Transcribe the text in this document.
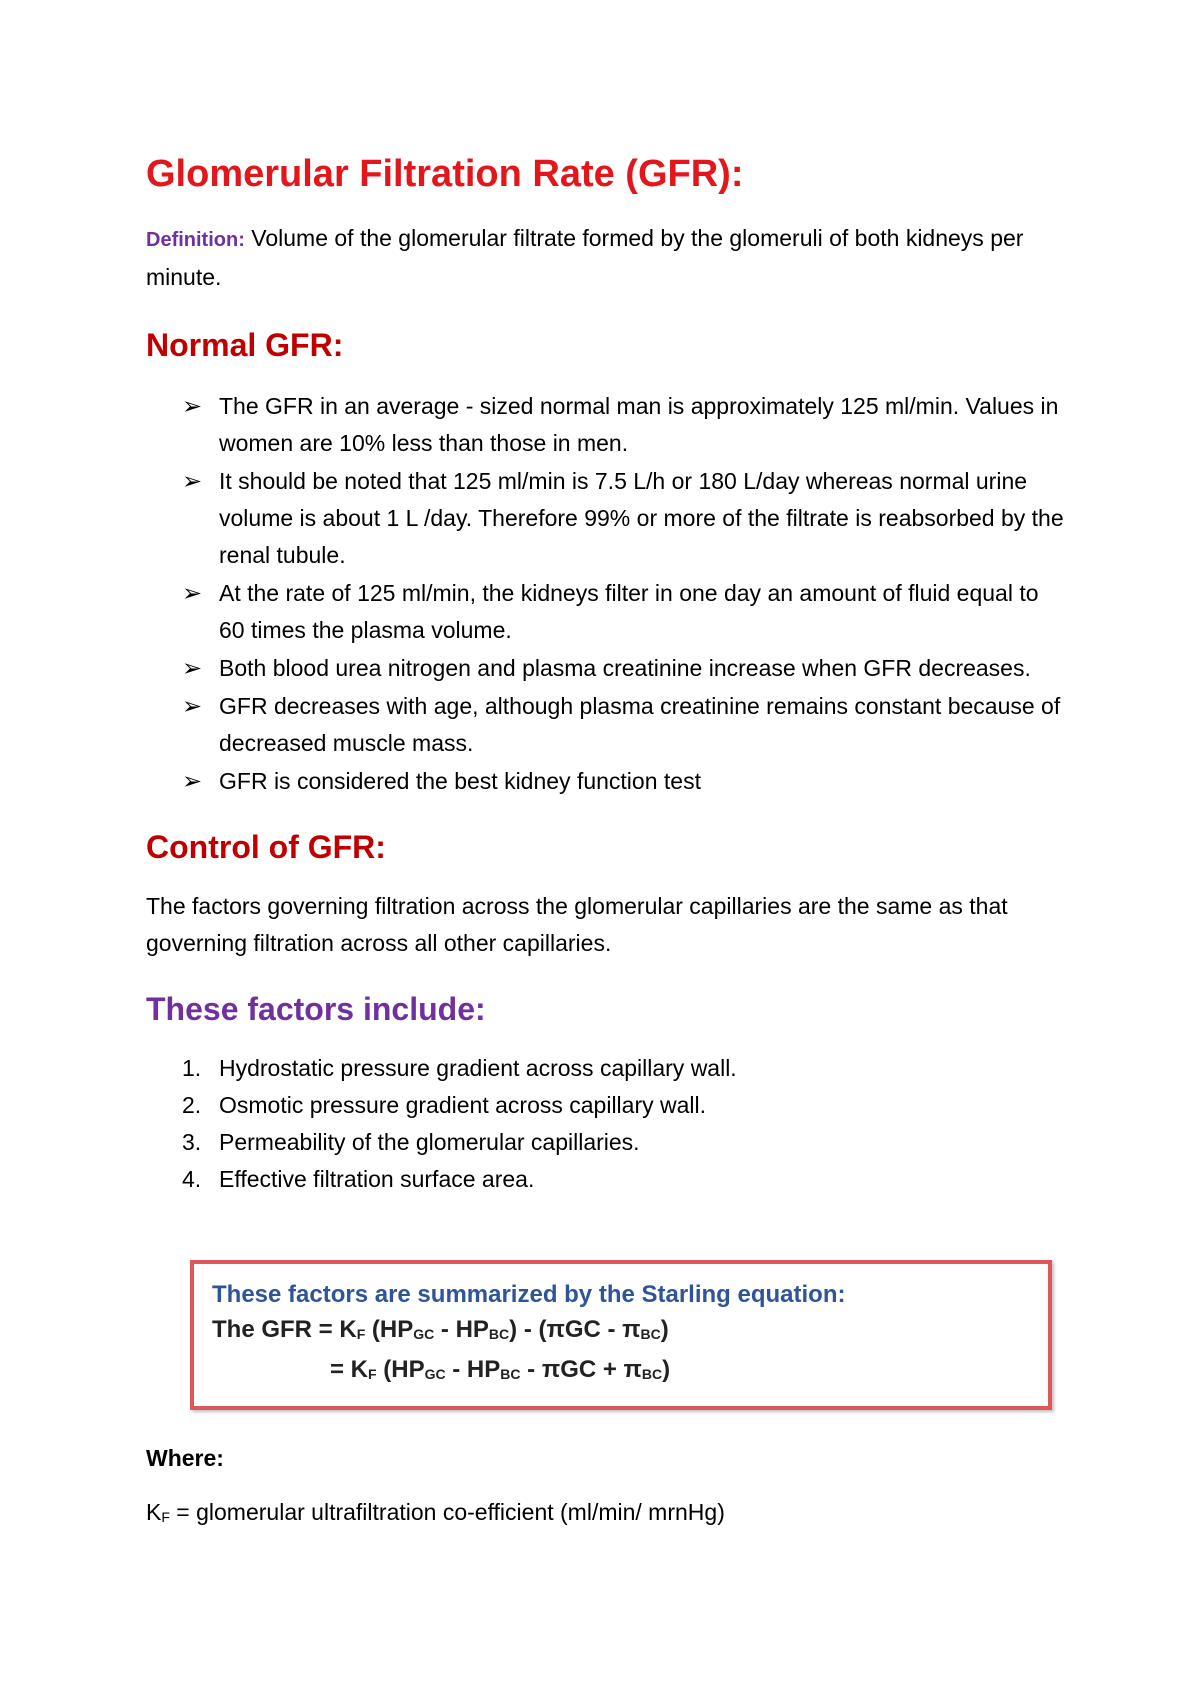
Glomerular Filtration Rate (GFR):

Definition: Volume of the glomerular filtrate formed by the glomeruli of both kidneys per minute.

Normal GFR:
➢ The GFR in an average - sized normal man is approximately 125 ml/min. Values in women are 10% less than those in men.
➢ It should be noted that 125 ml/min is 7.5 L/h or 180 L/day whereas normal urine volume is about 1 L /day. Therefore 99% or more of the filtrate is reabsorbed by the renal tubule.
➢ At the rate of 125 ml/min, the kidneys filter in one day an amount of fluid equal to 60 times the plasma volume.
➢ Both blood urea nitrogen and plasma creatinine increase when GFR decreases.
➢ GFR decreases with age, although plasma creatinine remains constant because of decreased muscle mass.
➢ GFR is considered the best kidney function test
Control of GFR:

The factors governing filtration across the glomerular capillaries are the same as that governing filtration across all other capillaries.

These factors include:
1. Hydrostatic pressure gradient across capillary wall.
2. Osmotic pressure gradient across capillary wall.
3. Permeability of the glomerular capillaries.
4. Effective filtration surface area.
These factors are summarized by the Starling equation:
The GFR = $K_F$ $(HP_{GC} - HP_{BC}) - (\pi GC - \pi_{BC})$
= $K_F$ $(HP_{GC} - HP_{BC} - \pi GC + \pi_{BC})$

Where:

$K_F$ = glomerular ultrafiltration co-efficient (ml/min/ mrnHg)
